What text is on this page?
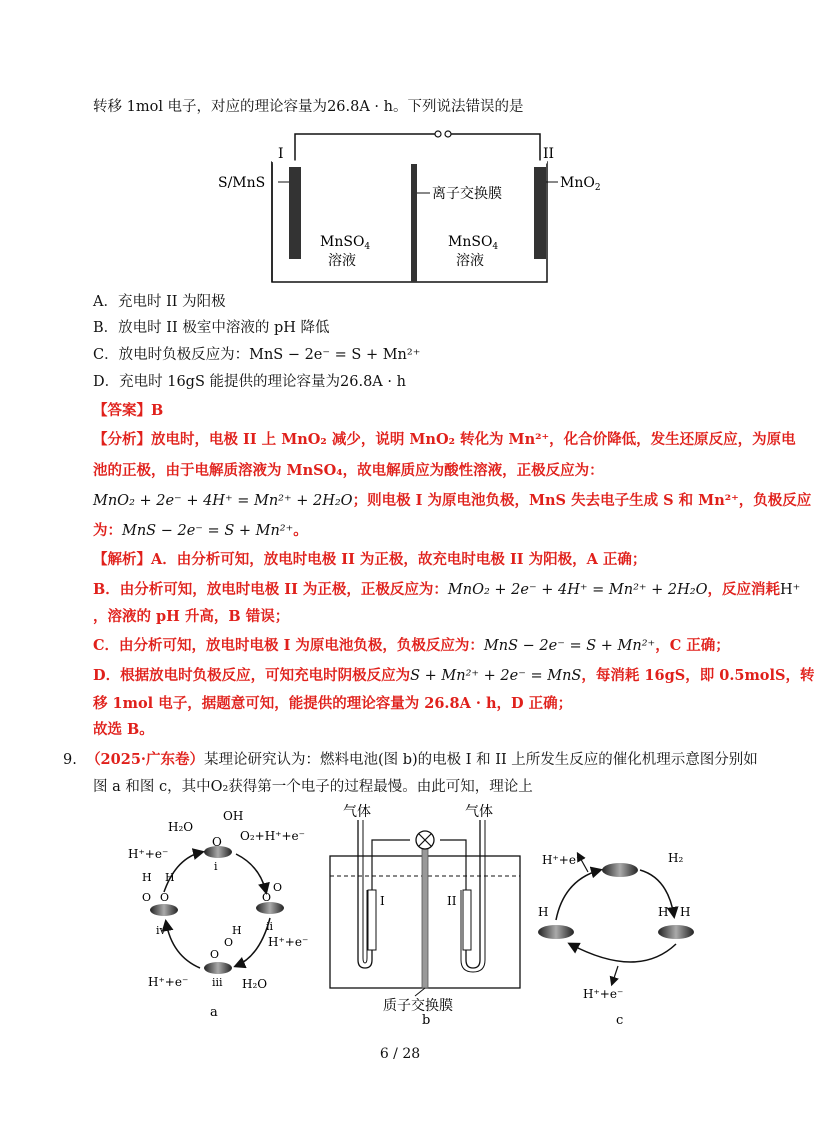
转移 1mol 电子，对应的理论容量为26.8A · h。下列说法错误的是
I	II
S/MnS	MnO$_2$
离子交换膜
MnSO$_4$
溶液
MnSO$_4$
溶液
A．充电时 II 为阳极
B．放电时 II 极室中溶液的 pH 降低
C．放电时负极反应为：MnS − 2e⁻ = S + Mn²⁺
D．充电时 16gS 能提供的理论容量为26.8A · h
【答案】B
【分析】放电时，电极 II 上 MnO₂ 减少，说明 MnO₂ 转化为 Mn²⁺，化合价降低，发生还原反应，为原电
池的正极，由于电解质溶液为 MnSO₄，故电解质应为酸性溶液，正极反应为：
MnO₂ + 2e⁻ + 4H⁺ = Mn²⁺ + 2H₂O；则电极 I 为原电池负极，MnS 失去电子生成 S 和 Mn²⁺，负极反应
为：MnS − 2e⁻ = S + Mn²⁺。
【解析】A．由分析可知，放电时电极 II 为正极，故充电时电极 II 为阳极，A 正确；
B．由分析可知，放电时电极 II 为正极，正极反应为：MnO₂ + 2e⁻ + 4H⁺ = Mn²⁺ + 2H₂O，反应消耗H⁺
，溶液的 pH 升高，B 错误；
C．由分析可知，放电时电极 I 为原电池负极，负极反应为：MnS − 2e⁻ = S + Mn²⁺，C 正确；
D．根据放电时负极反应，可知充电时阴极反应为S + Mn²⁺ + 2e⁻ = MnS，每消耗 16gS，即 0.5molS，转
移 1mol 电子，据题意可知，能提供的理论容量为 26.8A · h，D 正确；
故选 B。
9. （2025·广东卷）某理论研究认为：燃料电池(图 b)的电极 I 和 II 上所发生反应的催化机理示意图分别如
图 a 和图 c，其中O₂获得第一个电子的过程最慢。由此可知，理论上
O
OH
O
O
O
O
H
O O
H H
H₂O
O₂+H⁺+e⁻
H⁺+e⁻
i
ii
iii
iv
H⁺+e⁻
H⁺+e⁻	H₂O
a
气体	气体
I	II
质子交换膜
b
H⁺+e⁻	H₂
H	H H
H⁺+e⁻
c
6 / 28
